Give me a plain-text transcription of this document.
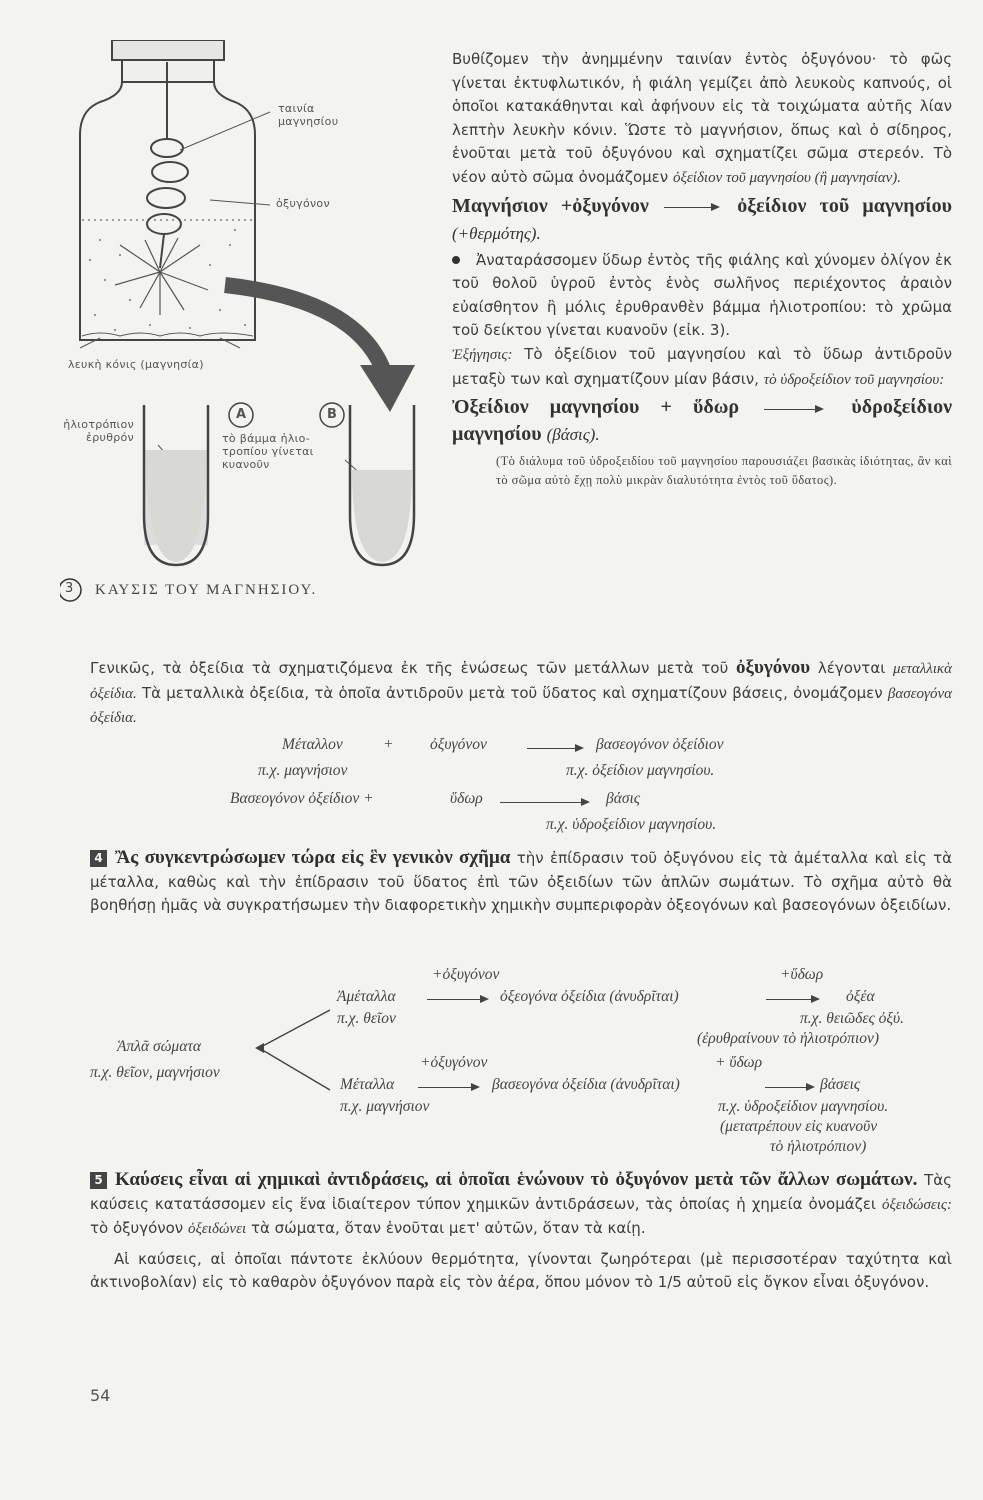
ταινία
μαγνησίου
ὀξυγόνον
λευκὴ κόνις (μαγνησία)
ἡλιοτρόπιον
ἐρυθρόν
A	B
τὸ βάμμα ἡλιο-
τροπίου γίνεται
κυανοῦν
3 ΚΑΥΣΙΣ ΤΟΥ ΜΑΓΝΗΣΙΟΥ.

Βυθίζομεν τὴν ἀνημμένην ταινίαν ἐντὸς ὀξυγόνου· τὸ φῶς γίνεται ἐκτυφλωτικόν, ἡ φιάλη γεμίζει ἀπὸ λευκοὺς καπνούς, οἱ ὁποῖοι κατακάθηνται καὶ ἀφήνουν εἰς τὰ τοιχώματα αὐτῆς λίαν λεπτὴν λευκὴν κόνιν. Ὥστε τὸ μαγνήσιον, ὅπως καὶ ὁ σίδηρος, ἑνοῦται μετὰ τοῦ ὀξυγόνου καὶ σχηματίζει σῶμα στερεόν. Τὸ νέον αὐτὸ σῶμα ὀνομάζομεν ὀξείδιον τοῦ μαγνησίου (ἢ μαγνησίαν).

Μαγνήσιον +ὀξυγόνον	ὀξείδιον τοῦ μαγνησίου (+θερμότης).

Ἀναταράσσομεν ὕδωρ ἐντὸς τῆς φιάλης καὶ χύνομεν ὀλίγον ἐκ τοῦ θολοῦ ὑγροῦ ἐντὸς ἑνὸς σωλῆνος περιέχοντος ἀραιὸν εὐαίσθητον ἢ μόλις ἐρυθρανθὲν βάμμα ἡλιοτροπίου: τὸ χρῶμα τοῦ δείκτου γίνεται κυανοῦν (εἰκ. 3).

Ἐξήγησις: Τὸ ὀξείδιον τοῦ μαγνησίου καὶ τὸ ὕδωρ ἀντιδροῦν μεταξὺ των καὶ σχηματίζουν μίαν βάσιν, τὸ ὑδροξείδιον τοῦ μαγνησίου:

Ὀξείδιον μαγνησίου + ὕδωρ	ὑδροξείδιον μαγνησίου (βάσις).

(Τὸ διάλυμα τοῦ ὑδροξειδίου τοῦ μαγνησίου παρουσιάζει βασικὰς ἰδιότητας, ἂν καὶ τὸ σῶμα αὐτὸ ἔχῃ πολὺ μικρὰν διαλυτότητα ἐντὸς τοῦ ὕδατος).

Γενικῶς, τὰ ὀξείδια τὰ σχηματιζόμενα ἐκ τῆς ἑνώσεως τῶν μετάλλων μετὰ τοῦ ὀξυγόνου λέγονται μεταλλικὰ ὀξείδια. Τὰ μεταλλικὰ ὀξείδια, τὰ ὁποῖα ἀντιδροῦν μετὰ τοῦ ὕδατος καὶ σχηματίζουν βάσεις, ὀνομάζομεν βασεογόνα ὀξείδια.

Μέταλλον	+ ὀξυγόνον	→ βασεογόνον ὀξείδιον
π.χ. μαγνήσιον	π.χ. ὀξείδιον μαγνησίου.
Βασεογόνον ὀξείδιον +	ὕδωρ	βάσις
π.χ. ὑδροξείδιον μαγνησίου.

4 Ἂς συγκεντρώσωμεν τώρα εἰς ἓν γενικὸν σχῆμα τὴν ἐπίδρασιν τοῦ ὀξυγόνου εἰς τὰ ἀμέταλλα καὶ εἰς τὰ μέταλλα, καθὼς καὶ τὴν ἐπίδρασιν τοῦ ὕδατος ἐπὶ τῶν ὀξειδίων τῶν ἁπλῶν σωμάτων. Τὸ σχῆμα αὐτὸ θὰ βοηθήσῃ ἡμᾶς νὰ συγκρατήσωμεν τὴν διαφορετικὴν χημικὴν συμπεριφορὰν ὀξεογόνων καὶ βασεογόνων ὀξειδίων.

Ἁπλᾶ σώματα
π.χ. θεῖον, μαγνήσιον
+ὀξυγόνον
Ἀμέταλλα	ὀξεογόνα ὀξείδια (ἀνυδρῖται)
π.χ. θεῖον
+ὕδωρ
ὀξέα
π.χ. θειῶδες ὀξύ.
(ἐρυθραίνουν τὸ ἡλιοτρόπιον)
+ὀξυγόνον
Μέταλλα	βασεογόνα ὀξείδια (ἀνυδρῖται)
π.χ. μαγνήσιον
+ ὕδωρ
βάσεις
π.χ. ὑδροξείδιον μαγνησίου.
(μετατρέπουν εἰς κυανοῦν
τὸ ἡλιοτρόπιον)

5 Καύσεις εἶναι αἱ χημικαὶ ἀντιδράσεις, αἱ ὁποῖαι ἑνώνουν τὸ ὀξυγόνον μετὰ τῶν ἄλλων σωμάτων. Τὰς καύσεις κατατάσσομεν εἰς ἕνα ἰδιαίτερον τύπον χημικῶν ἀντιδράσεων, τὰς ὁποίας ἡ χημεία ὀνομάζει ὀξειδώσεις: τὸ ὀξυγόνον ὀξειδώνει τὰ σώματα, ὅταν ἑνοῦται μετ' αὐτῶν, ὅταν τὰ καίῃ.

Αἱ καύσεις, αἱ ὁποῖαι πάντοτε ἐκλύουν θερμότητα, γίνονται ζωηρότεραι (μὲ περισσοτέραν ταχύτητα καὶ ἀκτινοβολίαν) εἰς τὸ καθαρὸν ὀξυγόνον παρὰ εἰς τὸν ἀέρα, ὅπου μόνον τὸ 1/5 αὐτοῦ εἰς ὄγκον εἶναι ὀξυγόνον.

54
